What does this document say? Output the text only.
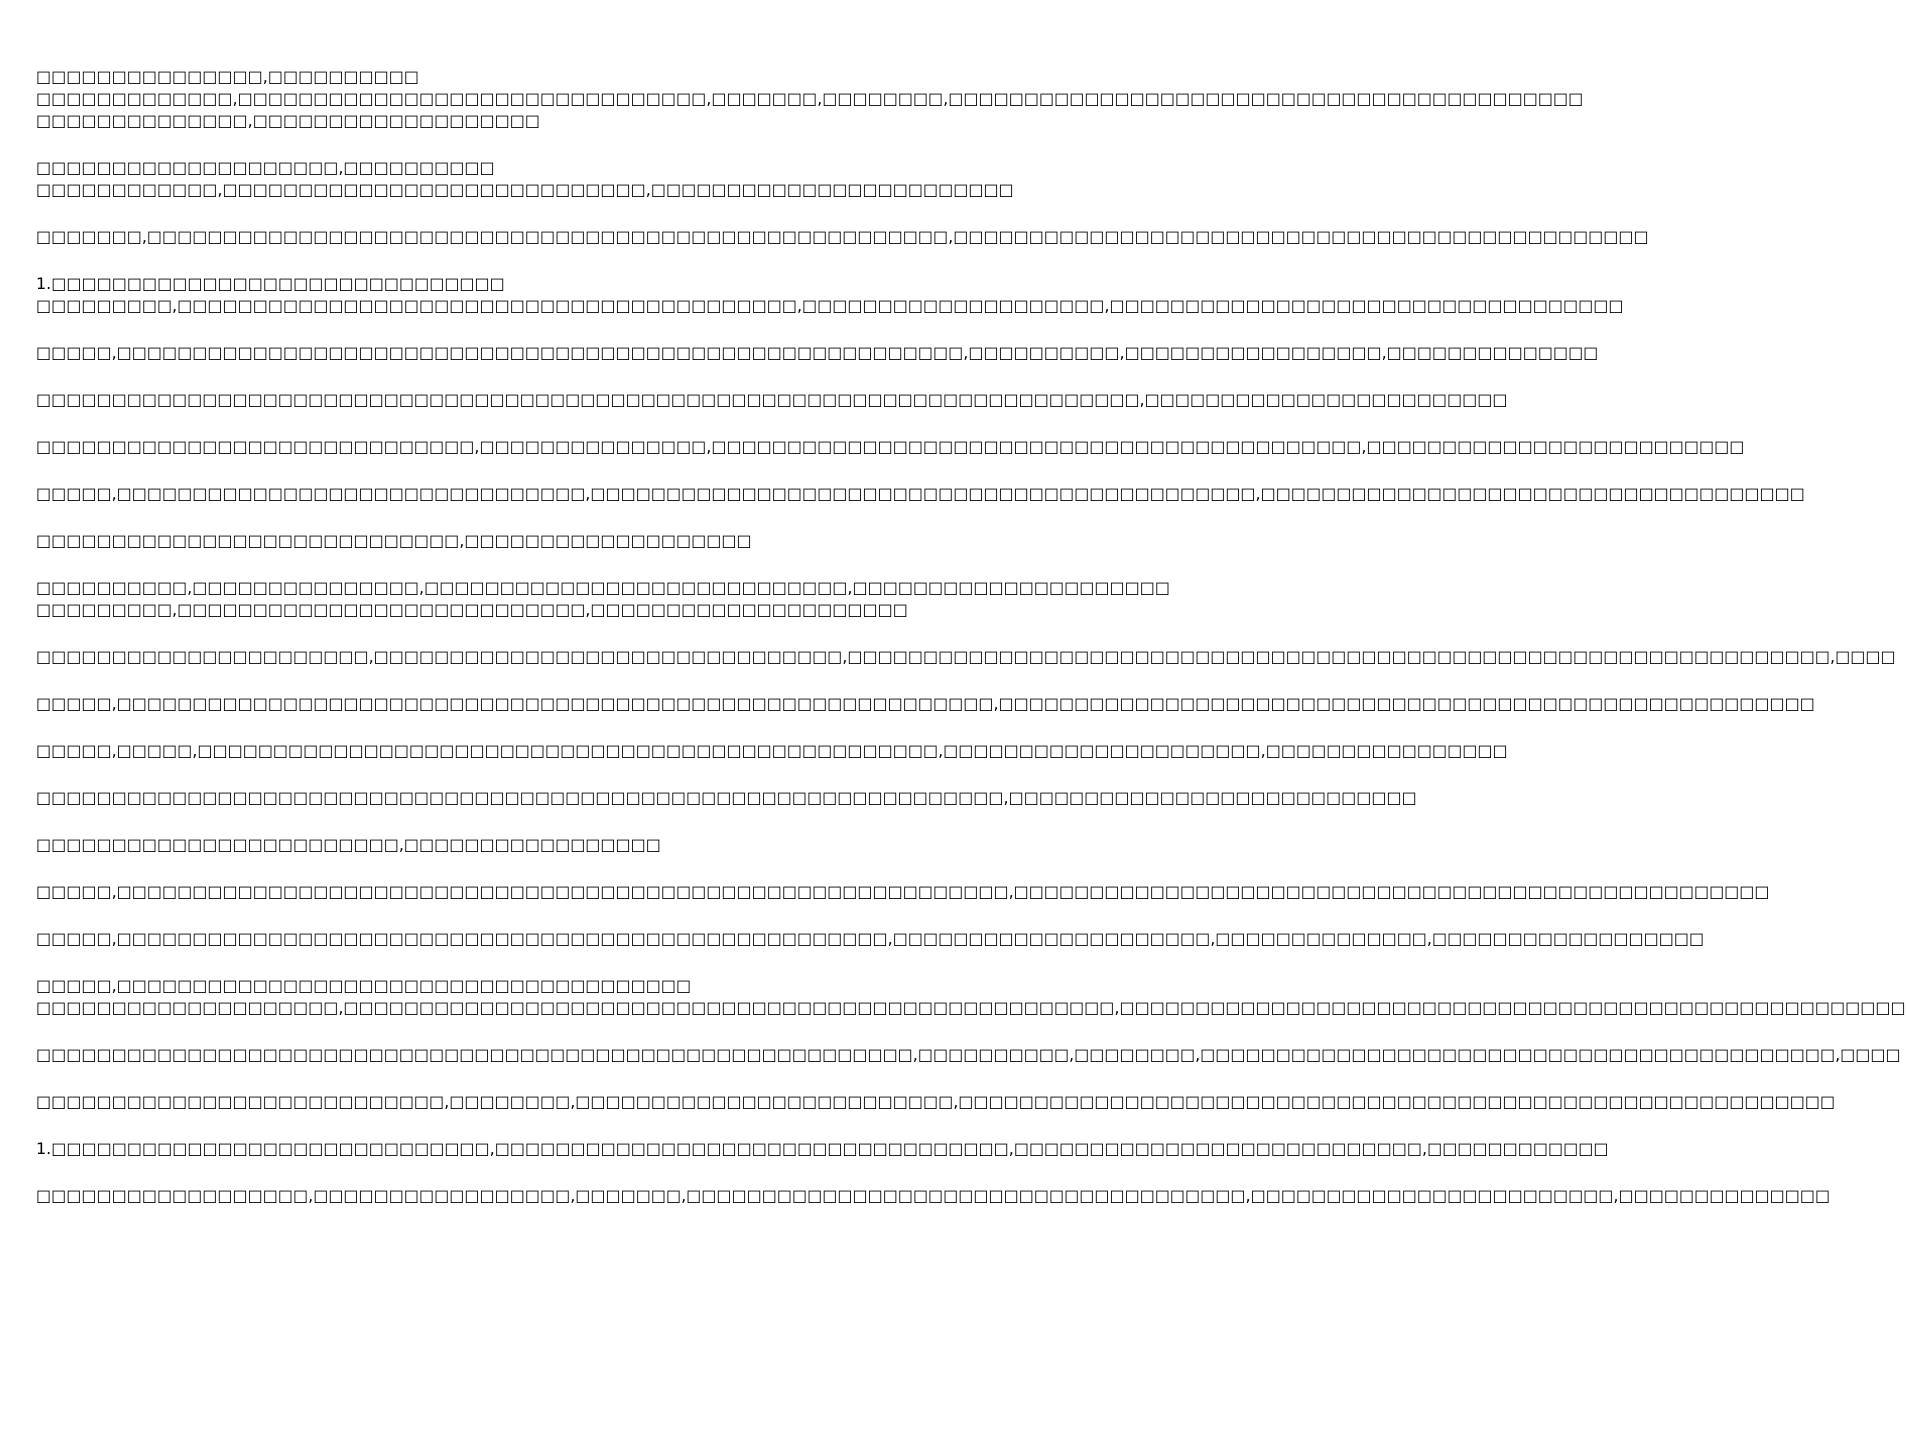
□□□□□□□□□□□□□□□,□□□□□□□□□□
□□□□□□□□□□□□□,□□□□□□□□□□□□□□□□□□□□□□□□□□□□□□□,□□□□□□□,□□□□□□□□,□□□□□□□□□□□□□□□□□□□□□□□□□□□□□□□□□□□□□□□□□□
□□□□□□□□□□□□□□,□□□□□□□□□□□□□□□□□□□
□□□□□□□□□□□□□□□□□□□□,□□□□□□□□□□
□□□□□□□□□□□□,□□□□□□□□□□□□□□□□□□□□□□□□□□□□,□□□□□□□□□□□□□□□□□□□□□□□□
□□□□□□□,□□□□□□□□□□□□□□□□□□□□□□□□□□□□□□□□□□□□□□□□□□□□□□□□□□□□□,□□□□□□□□□□□□□□□□□□□□□□□□□□□□□□□□□□□□□□□□□□□□□□
1.□□□□□□□□□□□□□□□□□□□□□□□□□□□□□□
□□□□□□□□□,□□□□□□□□□□□□□□□□□□□□□□□□□□□□□□□□□□□□□□□□□,□□□□□□□□□□□□□□□□□□□□,□□□□□□□□□□□□□□□□□□□□□□□□□□□□□□□□□□
□□□□□,□□□□□□□□□□□□□□□□□□□□□□□□□□□□□□□□□□□□□□□□□□□□□□□□□□□□□□□□,□□□□□□□□□□,□□□□□□□□□□□□□□□□□,□□□□□□□□□□□□□□
□□□□□□□□□□□□□□□□□□□□□□□□□□□□□□□□□□□□□□□□□□□□□□□□□□□□□□□□□□□□□□□□□□□□□□□□□,□□□□□□□□□□□□□□□□□□□□□□□□
□□□□□□□□□□□□□□□□□□□□□□□□□□□□□,□□□□□□□□□□□□□□□,□□□□□□□□□□□□□□□□□□□□□□□□□□□□□□□□□□□□□□□□□□□,□□□□□□□□□□□□□□□□□□□□□□□□□
□□□□□,□□□□□□□□□□□□□□□□□□□□□□□□□□□□□□□,□□□□□□□□□□□□□□□□□□□□□□□□□□□□□□□□□□□□□□□□□□□□,□□□□□□□□□□□□□□□□□□□□□□□□□□□□□□□□□□□□
□□□□□□□□□□□□□□□□□□□□□□□□□□□□,□□□□□□□□□□□□□□□□□□□
□□□□□□□□□□,□□□□□□□□□□□□□□□,□□□□□□□□□□□□□□□□□□□□□□□□□□□□,□□□□□□□□□□□□□□□□□□□□□
□□□□□□□□□,□□□□□□□□□□□□□□□□□□□□□□□□□□□,□□□□□□□□□□□□□□□□□□□□□
□□□□□□□□□□□□□□□□□□□□□□,□□□□□□□□□□□□□□□□□□□□□□□□□□□□□□□,□□□□□□□□□□□□□□□□□□□□□□□□□□□□□□□□□□□□□□□□□□□□□□□□□□□□□□□□□□□□□□□□□,□□□□
□□□□□,□□□□□□□□□□□□□□□□□□□□□□□□□□□□□□□□□□□□□□□□□□□□□□□□□□□□□□□□□□,□□□□□□□□□□□□□□□□□□□□□□□□□□□□□□□□□□□□□□□□□□□□□□□□□□□□□□
□□□□□,□□□□□,□□□□□□□□□□□□□□□□□□□□□□□□□□□□□□□□□□□□□□□□□□□□□□□□□,□□□□□□□□□□□□□□□□□□□□□,□□□□□□□□□□□□□□□□
□□□□□□□□□□□□□□□□□□□□□□□□□□□□□□□□□□□□□□□□□□□□□□□□□□□□□□□□□□□□□□□□,□□□□□□□□□□□□□□□□□□□□□□□□□□□
□□□□□□□□□□□□□□□□□□□□□□□□,□□□□□□□□□□□□□□□□□
□□□□□,□□□□□□□□□□□□□□□□□□□□□□□□□□□□□□□□□□□□□□□□□□□□□□□□□□□□□□□□□□□,□□□□□□□□□□□□□□□□□□□□□□□□□□□□□□□□□□□□□□□□□□□□□□□□□□
□□□□□,□□□□□□□□□□□□□□□□□□□□□□□□□□□□□□□□□□□□□□□□□□□□□□□□□□□,□□□□□□□□□□□□□□□□□□□□□,□□□□□□□□□□□□□□,□□□□□□□□□□□□□□□□□□
□□□□□,□□□□□□□□□□□□□□□□□□□□□□□□□□□□□□□□□□□□□□
□□□□□□□□□□□□□□□□□□□□,□□□□□□□□□□□□□□□□□□□□□□□□□□□□□□□□□□□□□□□□□□□□□□□□□□□,□□□□□□□□□□□□□□□□□□□□□□□□□□□□□□□□□□□□□□□□□□□□□□□□□□□□
□□□□□□□□□□□□□□□□□□□□□□□□□□□□□□□□□□□□□□□□□□□□□□□□□□□□□□□□□□,□□□□□□□□□□,□□□□□□□□,□□□□□□□□□□□□□□□□□□□□□□□□□□□□□□□□□□□□□□□□□□,□□□□
□□□□□□□□□□□□□□□□□□□□□□□□□□□,□□□□□□□□,□□□□□□□□□□□□□□□□□□□□□□□□□,□□□□□□□□□□□□□□□□□□□□□□□□□□□□□□□□□□□□□□□□□□□□□□□□□□□□□□□□□□
1.□□□□□□□□□□□□□□□□□□□□□□□□□□□□□,□□□□□□□□□□□□□□□□□□□□□□□□□□□□□□□□□□,□□□□□□□□□□□□□□□□□□□□□□□□□□□,□□□□□□□□□□□□
□□□□□□□□□□□□□□□□□□,□□□□□□□□□□□□□□□□□,□□□□□□□,□□□□□□□□□□□□□□□□□□□□□□□□□□□□□□□□□□□□□,□□□□□□□□□□□□□□□□□□□□□□□□,□□□□□□□□□□□□□□
